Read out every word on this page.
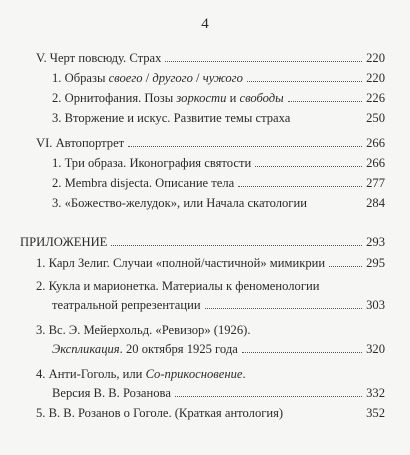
4
V. Черт повсюду. Страх	220
1. Образы своего / другого / чужого	220
2. Орнитофания. Позы зоркости и свободы	226
3. Вторжение и искус. Развитие темы страха	250
VI. Автопортрет	266
1. Три образа. Иконография святости	266
2. Membra disjecta. Описание тела	277
3. «Божество-желудок», или Начала скатологии	284
ПРИЛОЖЕНИЕ	293
1. Карл Зелиг. Случаи «полной/частичной» мимикрии	295
2. Кукла и марионетка. Материалы к феноменологии
театральной репрезентации	303
3. Вс. Э. Мейерхольд. «Ревизор» (1926).
Экспликация. 20 октября 1925 года	320
4. Анти-Гоголь, или Со-прикосновение.
Версия В. В. Розанова	332
5. В. В. Розанов о Гоголе. (Краткая антология)	352
